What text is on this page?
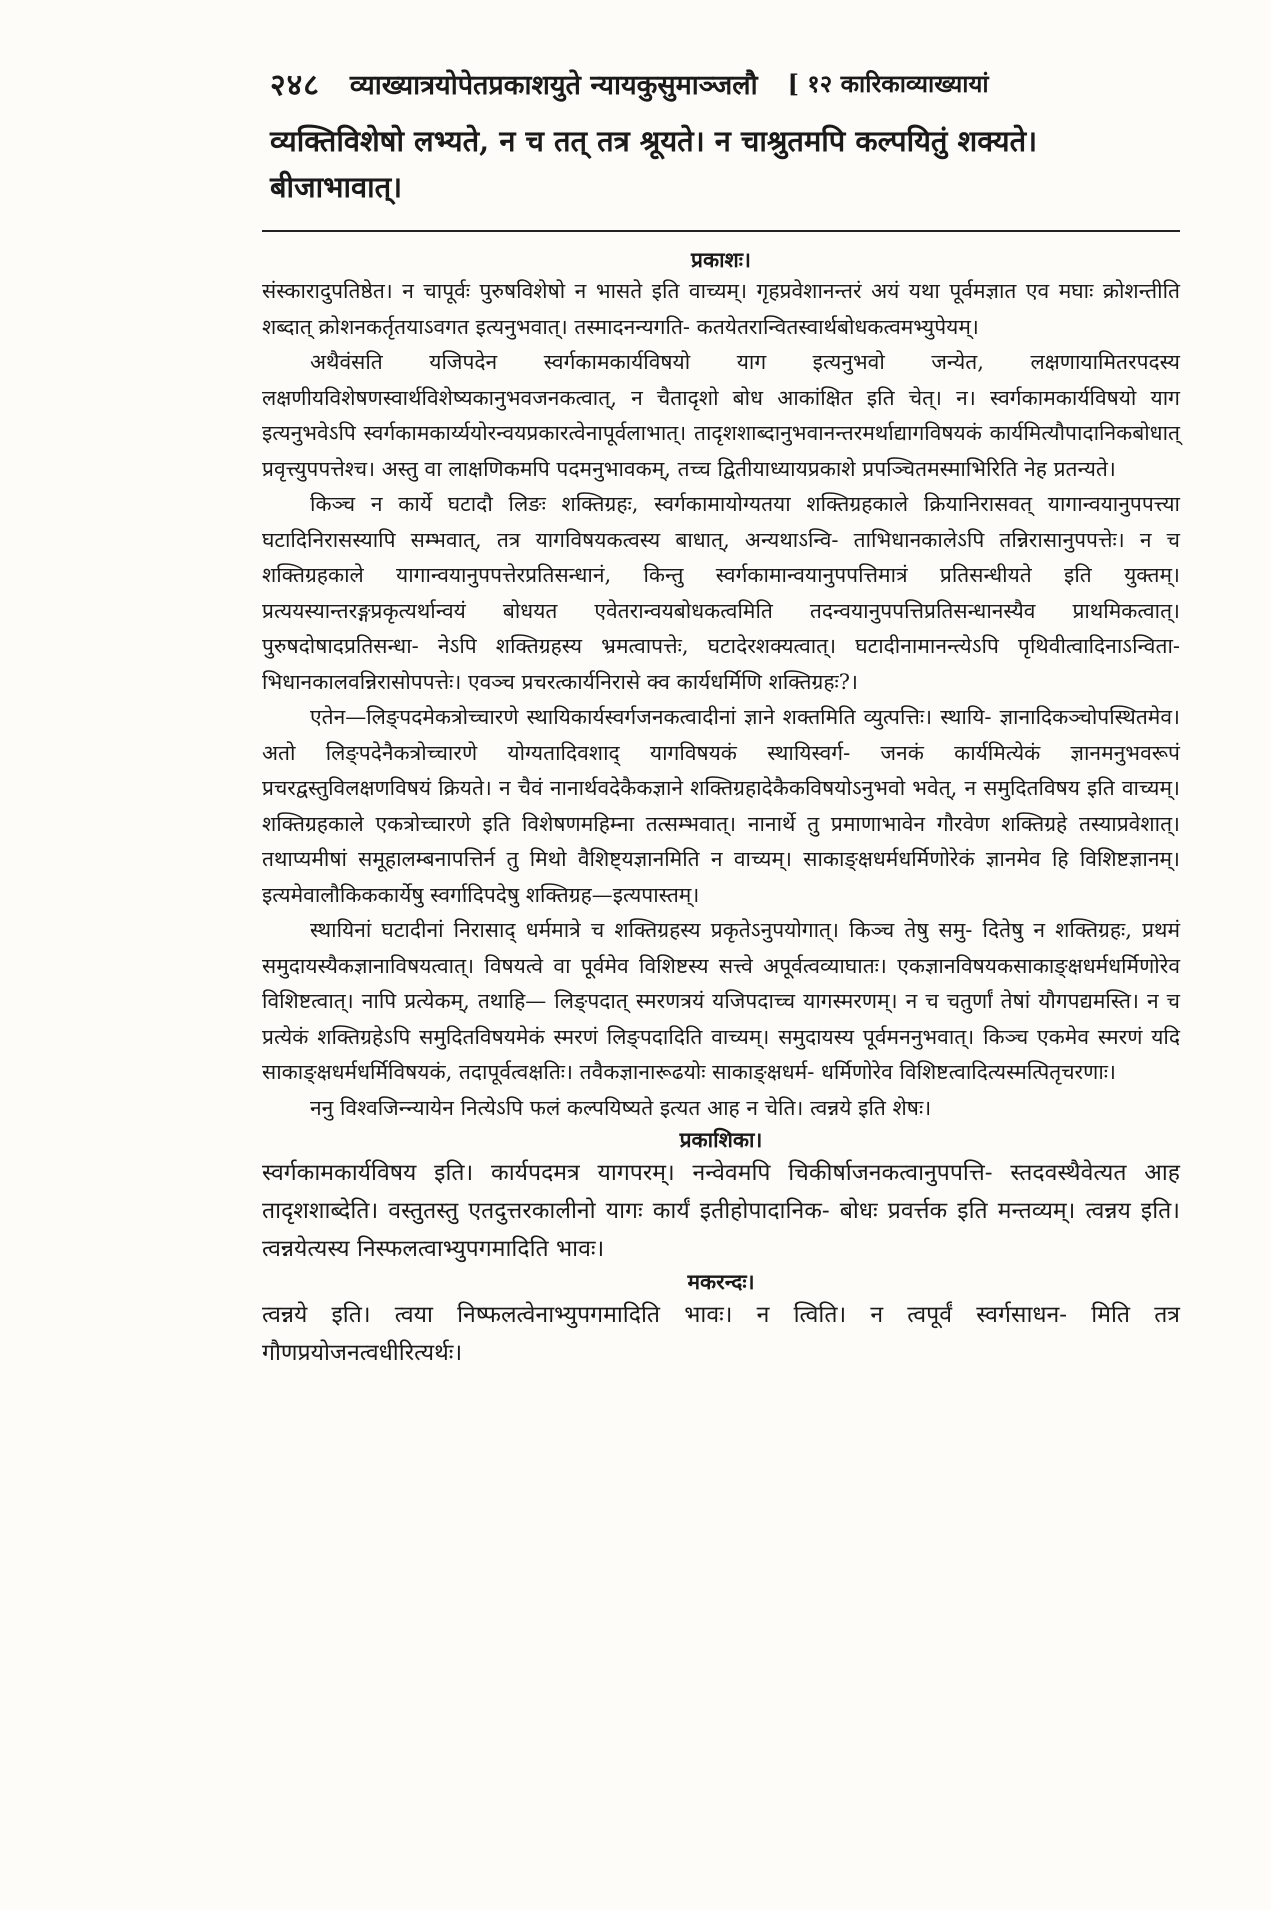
२४८ व्याख्यात्रयोपेतप्रकाशयुते न्यायकुसुमाञ्जलौ [ १२ कारिकाव्याख्यायां
व्यक्तिविशेषो लभ्यते, न च तत् तत्र श्रूयते। न चाश्रुतमपि कल्पयितुं शक्यते। बीजाभावात्।
प्रकाशः।

संस्कारादुपतिष्ठेत। न चापूर्वः पुरुषविशेषो न भासते इति वाच्यम्। गृहप्रवेशानन्तरं अयं यथा पूर्वमज्ञात एव मघाः क्रोशन्तीति शब्दात् क्रोशनकर्तृतयाऽवगत इत्यनुभवात्। तस्मादनन्यगति- कतयेतरान्वितस्वार्थबोधकत्वमभ्युपेयम्।

अथैवंसति यजिपदेन स्वर्गकामकार्यविषयो याग इत्यनुभवो जन्येत, लक्षणायामितरपदस्य लक्षणीयविशेषणस्वार्थविशेष्यकानुभवजनकत्वात्, न चैतादृशो बोध आकांक्षित इति चेत्। न। स्वर्गकामकार्यविषयो याग इत्यनुभवेऽपि स्वर्गकामकार्य्ययोरन्वयप्रकारत्वेनापूर्वलाभात्। तादृशशाब्दानुभवानन्तरमर्थाद्यागविषयकं कार्यमित्यौपादानिकबोधात् प्रवृत्त्युपपत्तेश्च। अस्तु वा लाक्षणिकमपि पदमनुभावकम्, तच्च द्वितीयाध्यायप्रकाशे प्रपञ्चितमस्माभिरिति नेह प्रतन्यते।

किञ्च न कार्ये घटादौ लिङः शक्तिग्रहः, स्वर्गकामायोग्यतया शक्तिग्रहकाले क्रियानिरासवत् यागान्वयानुपपत्त्या घटादिनिरासस्यापि सम्भवात्, तत्र यागविषयकत्वस्य बाधात्, अन्यथाऽन्वि- ताभिधानकालेऽपि तन्निरासानुपपत्तेः। न च शक्तिग्रहकाले यागान्वयानुपपत्तेरप्रतिसन्धानं, किन्तु स्वर्गकामान्वयानुपपत्तिमात्रं प्रतिसन्धीयते इति युक्तम्। प्रत्ययस्यान्तरङ्गप्रकृत्यर्थान्वयं बोधयत एवेतरान्वयबोधकत्वमिति तदन्वयानुपपत्तिप्रतिसन्धानस्यैव प्राथमिकत्वात्। पुरुषदोषादप्रतिसन्धा- नेऽपि शक्तिग्रहस्य भ्रमत्वापत्तेः, घटादेरशक्यत्वात्। घटादीनामानन्त्येऽपि पृथिवीत्वादिनाऽन्विता- भिधानकालवन्निरासोपपत्तेः। एवञ्च प्रचरत्कार्यनिरासे क्व कार्यधर्मिणि शक्तिग्रहः?।

एतेन—लिङ्पदमेकत्रोच्चारणे स्थायिकार्यस्वर्गजनकत्वादीनां ज्ञाने शक्तमिति व्युत्पत्तिः। स्थायि- ज्ञानादिकञ्चोपस्थितमेव। अतो लिङ्पदेनैकत्रोच्चारणे योग्यतादिवशाद् यागविषयकं स्थायिस्वर्ग- जनकं कार्यमित्येकं ज्ञानमनुभवरूपं प्रचरद्वस्तुविलक्षणविषयं क्रियते। न चैवं नानार्थवदेकैकज्ञाने शक्तिग्रहादेकैकविषयोऽनुभवो भवेत्, न समुदितविषय इति वाच्यम्। शक्तिग्रहकाले एकत्रोच्चारणे इति विशेषणमहिम्ना तत्सम्भवात्। नानार्थे तु प्रमाणाभावेन गौरवेण शक्तिग्रहे तस्याप्रवेशात्। तथाप्यमीषां समूहालम्बनापत्तिर्न तु मिथो वैशिष्ट्यज्ञानमिति न वाच्यम्। साकाङ्क्षधर्मधर्मिणोरेकं ज्ञानमेव हि विशिष्टज्ञानम्। इत्यमेवालौकिककार्येषु स्वर्गादिपदेषु शक्तिग्रह—इत्यपास्तम्।

स्थायिनां घटादीनां निरासाद् धर्ममात्रे च शक्तिग्रहस्य प्रकृतेऽनुपयोगात्। किञ्च तेषु समु- दितेषु न शक्तिग्रहः, प्रथमं समुदायस्यैकज्ञानाविषयत्वात्। विषयत्वे वा पूर्वमेव विशिष्टस्य सत्त्वे अपूर्वत्वव्याघातः। एकज्ञानविषयकसाकाङ्क्षधर्मधर्मिणोरेव विशिष्टत्वात्। नापि प्रत्येकम्, तथाहि— लिङ्पदात् स्मरणत्रयं यजिपदाच्च यागस्मरणम्। न च चतुर्णां तेषां यौगपद्यमस्ति। न च प्रत्येकं शक्तिग्रहेऽपि समुदितविषयमेकं स्मरणं लिङ्पदादिति वाच्यम्। समुदायस्य पूर्वमननुभवात्। किञ्च एकमेव स्मरणं यदि साकाङ्क्षधर्मधर्मिविषयकं, तदापूर्वत्वक्षतिः। तवैकज्ञानारूढयोः साकाङ्क्षधर्म- धर्मिणोरेव विशिष्टत्वादित्यस्मत्पितृचरणाः।

ननु विश्वजिन्न्यायेन नित्येऽपि फलं कल्पयिष्यते इत्यत आह न चेति। त्वन्नये इति शेषः।

प्रकाशिका।

स्वर्गकामकार्यविषय इति। कार्यपदमत्र यागपरम्। नन्वेवमपि चिकीर्षाजनकत्वानुपपत्ति- स्तदवस्थैवेत्यत आह तादृशशाब्देति। वस्तुतस्तु एतदुत्तरकालीनो यागः कार्यं इतीहोपादानिक- बोधः प्रवर्त्तक इति मन्तव्यम्। त्वन्नय इति। त्वन्नयेत्यस्य निस्फलत्वाभ्युपगमादिति भावः।

मकरन्दः।

त्वन्नये इति। त्वया निष्फलत्वेनाभ्युपगमादिति भावः। न त्विति। न त्वपूर्वं स्वर्गसाधन- मिति तत्र गौणप्रयोजनत्वधीरित्यर्थः।
